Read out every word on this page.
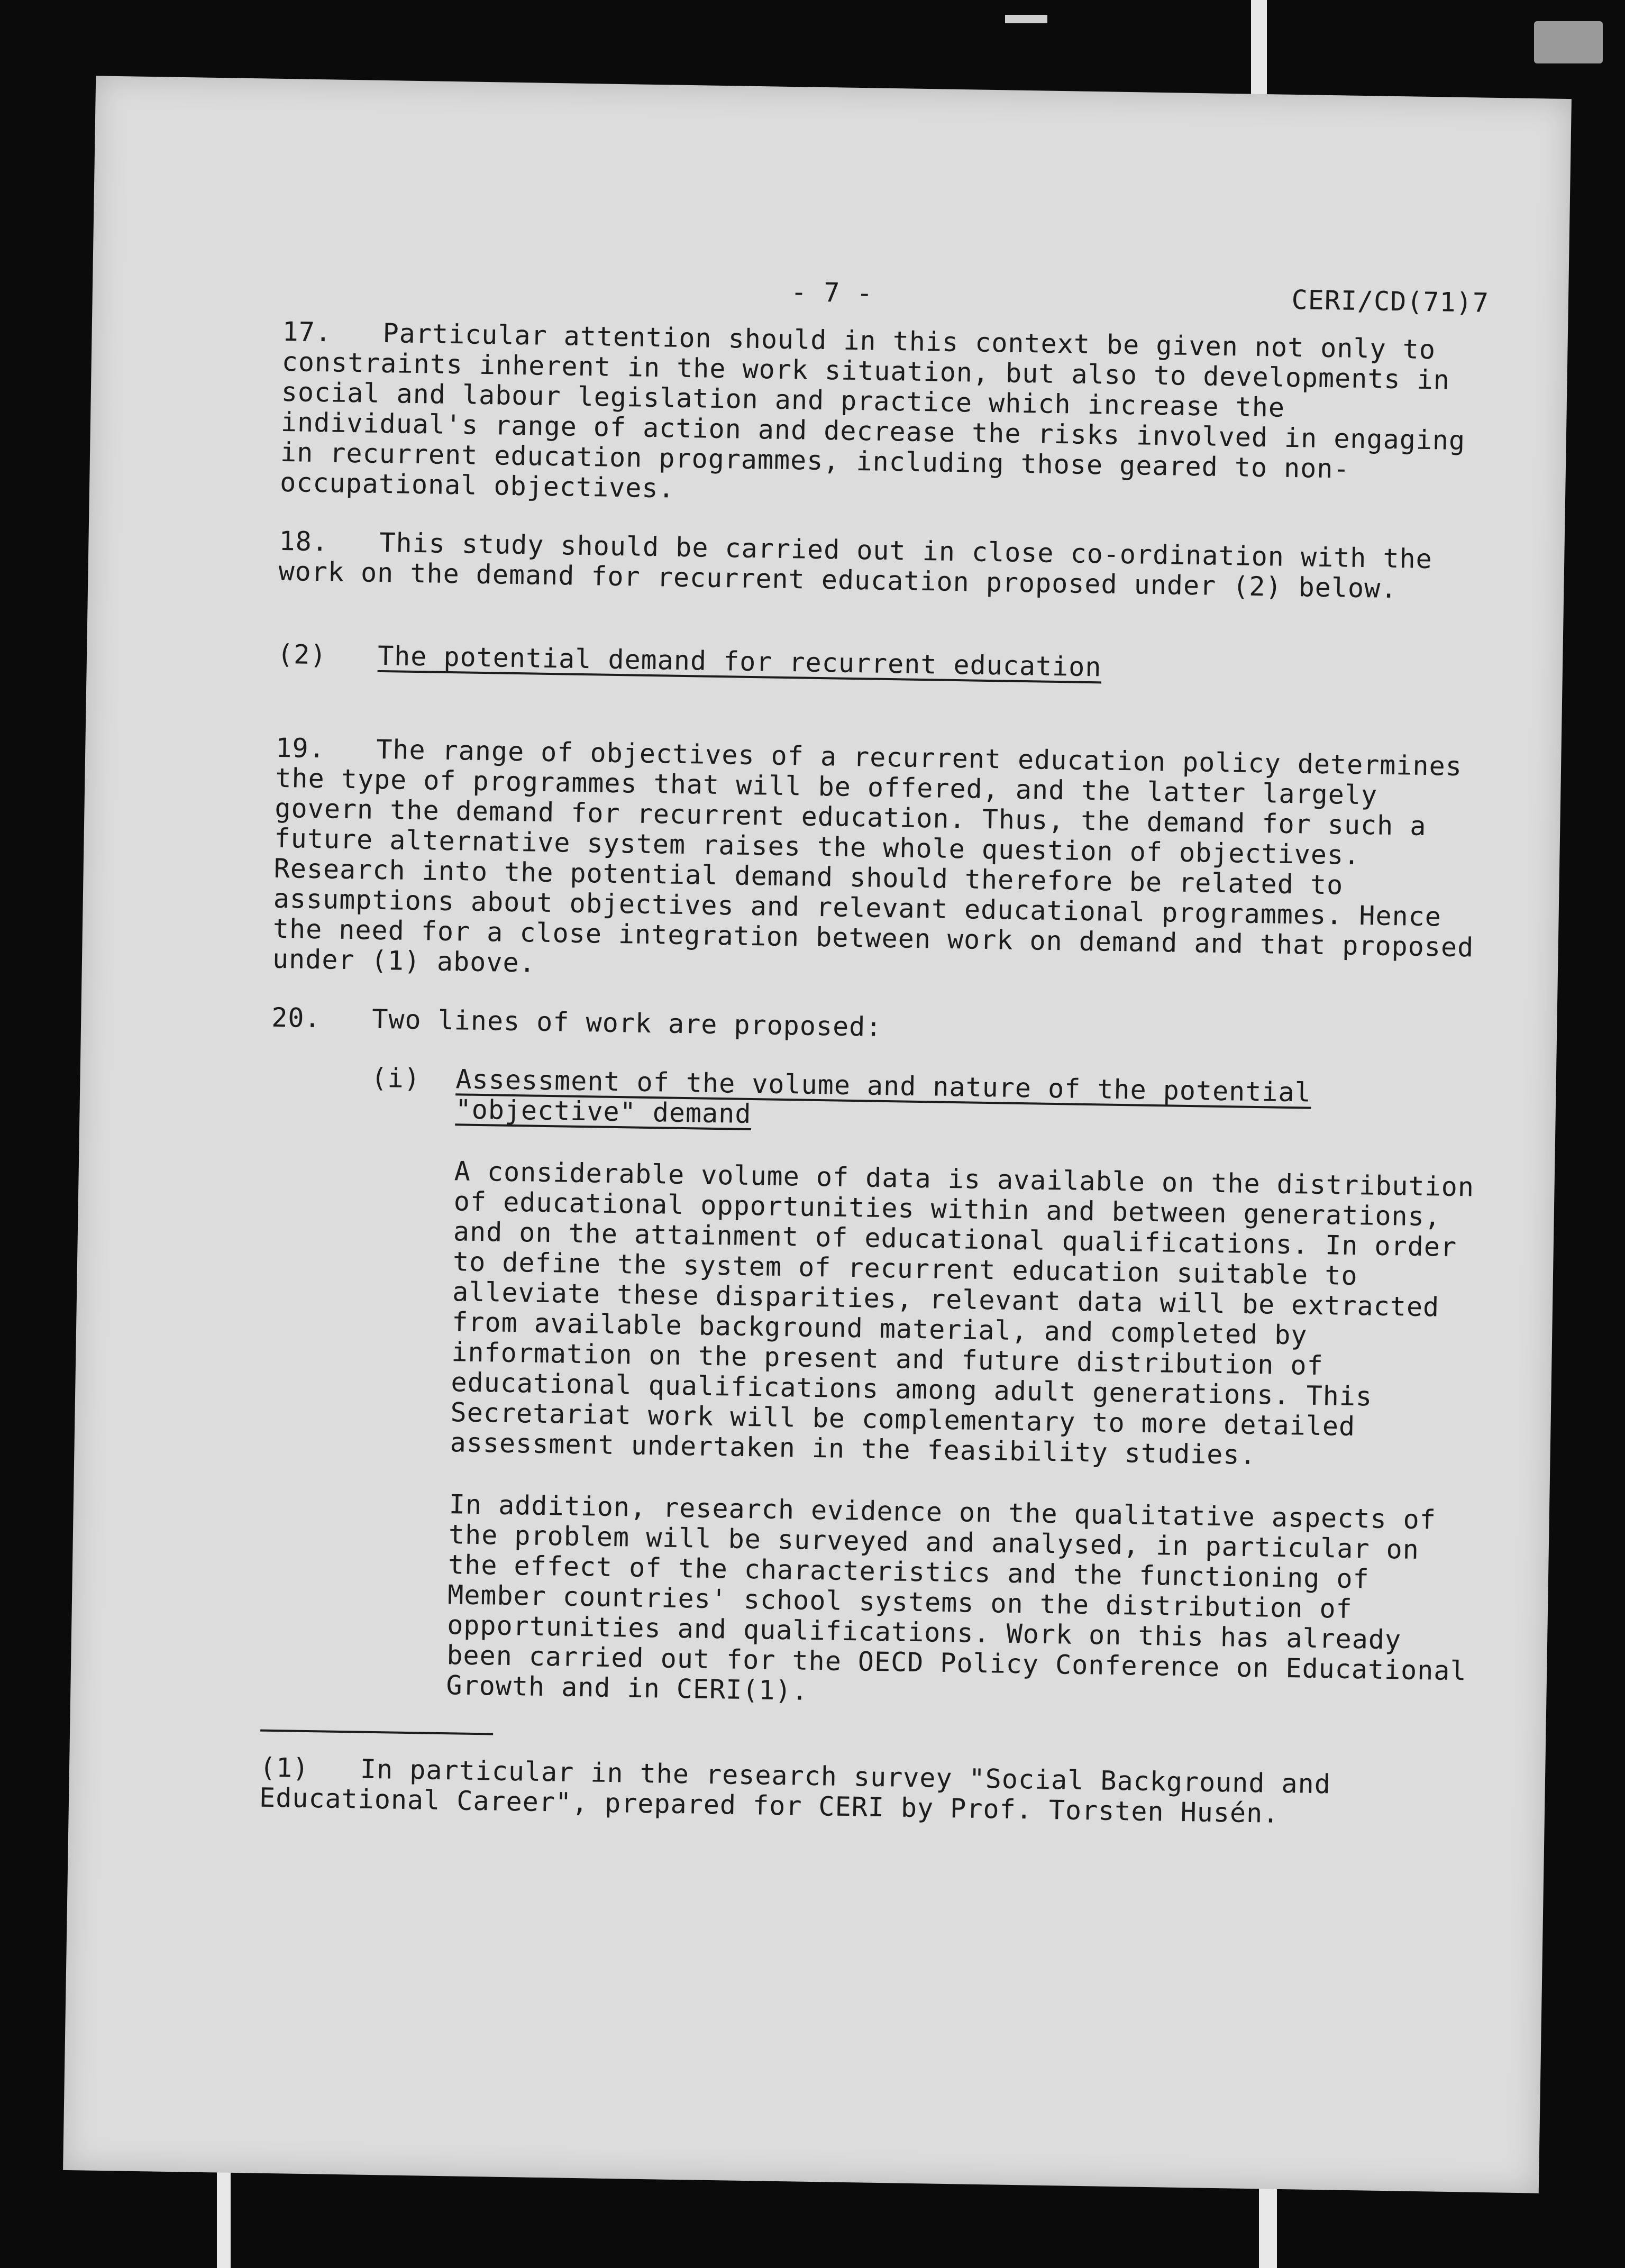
- 7 -	CERI/CD(71)7

17. Particular attention should in this context be given not only to constraints inherent in the work situation, but also to developments in social and labour legislation and practice which increase the individual's range of action and decrease the risks involved in engaging in recurrent education programmes, including those geared to non-occupational objectives.

18. This study should be carried out in close co-ordination with the work on the demand for recurrent education proposed under (2) below.

(2)	The potential demand for recurrent education

19. The range of objectives of a recurrent education policy determines the type of programmes that will be offered, and the latter largely govern the demand for recurrent education. Thus, the demand for such a future alternative system raises the whole question of objectives. Research into the potential demand should therefore be related to assumptions about objectives and relevant educational programmes. Hence the need for a close integration between work on demand and that proposed under (1) above.

20. Two lines of work are proposed:

(i)	Assessment of the volume and nature of the potential "objective" demand

A considerable volume of data is available on the distribution of educational opportunities within and between generations, and on the attainment of educational qualifications. In order to define the system of recurrent education suitable to alleviate these disparities, relevant data will be extracted from available background material, and completed by information on the present and future distribution of educational qualifications among adult generations. This Secretariat work will be complementary to more detailed assessment undertaken in the feasibility studies.

In addition, research evidence on the qualitative aspects of the problem will be surveyed and analysed, in particular on the effect of the characteristics and the functioning of Member countries' school systems on the distribution of opportunities and qualifications. Work on this has already been carried out for the OECD Policy Conference on Educational Growth and in CERI(1).

(1) In particular in the research survey "Social Background and Educational Career", prepared for CERI by Prof. Torsten Husén.
